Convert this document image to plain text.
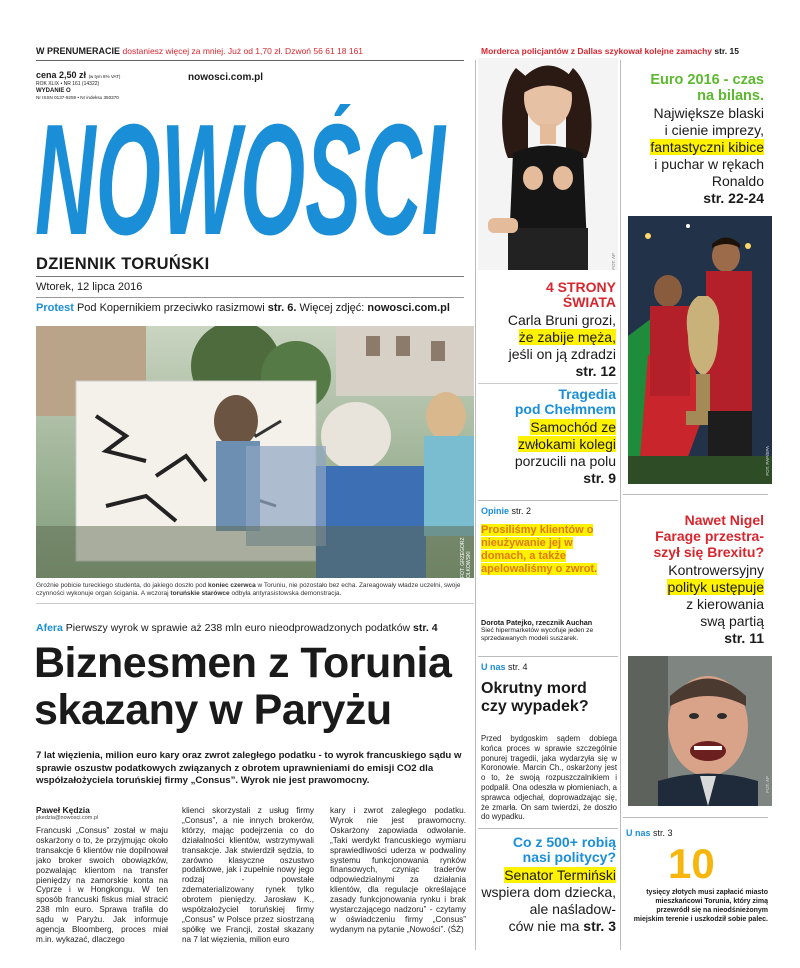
W PRENUMERACIE dostaniesz więcej za mniej. Już od 1,70 zł. Dzwoń 56 61 18 161	Morderca policjantów z Dallas szykował kolejne zamachy str. 15
cena 2,50 zł (w tym 8% VAT)
ROK XLIX • NR 161 (14322)
WYDANIE O
Nr ISSN 0137-9259 • Nr indeksu 350370
nowosci.com.pl
NOWOŚCI
DZIENNIK TORUŃSKI
Wtorek, 12 lipca 2016
Protest Pod Kopernikiem przeciwko rasizmowi str. 6. Więcej zdjęć: nowosci.com.pl
FOT. GRZEGORZ OLKOWSKI
Grożnie pobicie tureckiego studenta, do jakiego doszło pod koniec czerwca w Toruniu, nie pozostało bez echa. Zareagowały władze uczelni, swoje czynności wykonuje organ ścigania. A wczoraj toruńskie starówce odbyła antyrasistowska demonstracja.
Afera Pierwszy wyrok w sprawie aż 238 mln euro nieodprowadzonych podatków str. 4
Biznesmen z Torunia
skazany w Paryżu
7 lat więzienia, milion euro kary oraz zwrot zaległego podatku - to wyrok francuskiego sądu w sprawie oszustw podatkowych związanych z obrotem uprawnieniami do emisji CO2 dla współzałożyciela toruńskiej firmy „Consus”. Wyrok nie jest prawomocny.
Paweł Kędzia
pkedzia@nowosci.com.pl
Francuski „Consus” został w maju oskarżony o to, że przyjmując około transakcje 6 klientów nie dopilnował jako broker swoich obowiązków, pozwalając klientom na transfer pieniędzy na zamorskie konta na Cyprze i w Hongkongu. W ten sposób francuski fiskus miał stracić 238 mln euro. Sprawa trafiła do sądu w Paryżu. Jak informuje agencja Bloomberg, proces miał m.in. wykazać, dlaczego
klienci skorzystali z usług firmy „Consus”, a nie innych brokerów, którzy, mając podejrzenia co do działalności klientów, wstrzymywali transakcje. Jak stwierdził sędzia, to zarówno klasyczne oszustwo podatkowe, jak i zupełnie nowy jego rodzaj - powstałe zdematerializowany rynek tylko obrotem pieniędzy. Jarosław K., współzałożyciel toruńskiej firmy „Consus” w Polsce przez siostrzaną spółkę we Francji, został skazany na 7 lat więzienia, milion euro
kary i zwrot zaległego podatku. Wyrok nie jest prawomocny. Oskarżony zapowiada odwołanie. „Taki werdykt francuskiego wymiaru sprawiedliwości uderza w podwaliny systemu funkcjonowania rynków finansowych, czyniąc traderów odpowiedzialnymi za działania klientów, dla regulacje określające zasady funkcjonowania rynku i brak wystarczającego nadzoru” - czytamy w oświadczeniu firmy „Consus” wydanym na pytanie „Nowości”. (ŚŻ)
FOT. AP
4 STRONY
ŚWIATA
Carla Bruni grozi,
że zabije męża,
jeśli on ją zdradzi
str. 12
Tragedia
pod Chełmnem
Samochód ze
zwłokami kolegi
porzucili na polu
str. 9
Opinie str. 2
Prosiliśmy klientów o nieużywanie jej w domach, a także apelowaliśmy o zwrot.
Dorota Patejko, rzecznik Auchan
Sieć hipermarketów wycofuje jeden ze sprzedawanych modeli suszarek.
U nas str. 4
Okrutny mord
czy wypadek?
Przed bydgoskim sądem dobiega końca proces w sprawie szczególnie ponurej tragedii, jaka wydarzyła się w Koronowie. Marcin Ch., oskarżony jest o to, że swoją rozpuszczalnikiem i podpalił. Ona odeszła w płomieniach, a sprawca odjechał, doprowadzając się, że zmarła. On sam twierdzi, że doszło do wypadku.
Co z 500+ robią
nasi politycy?
Senator Termiński
wspiera dom dziecka,
ale naśladow-
ców nie ma str. 3
Euro 2016 - czas
na bilans.
Największe blaski
i cienie imprezy,
fantastyczni kibice
i puchar w rękach
Ronaldo
str. 22-24
FOT. PAP/EPA
Nawet Nigel
Farage przestra-
szył się Brexitu?
Kontrowersyjny
polityk ustępuje
z kierowania
swą partią
str. 11
FOT. AP
U nas str. 3
10
tysięcy złotych musi zapłacić miasto mieszkańcowi Torunia, który zimą przewródł się na nieodśnieżonym miejskim terenie i uszkodził sobie palec.
